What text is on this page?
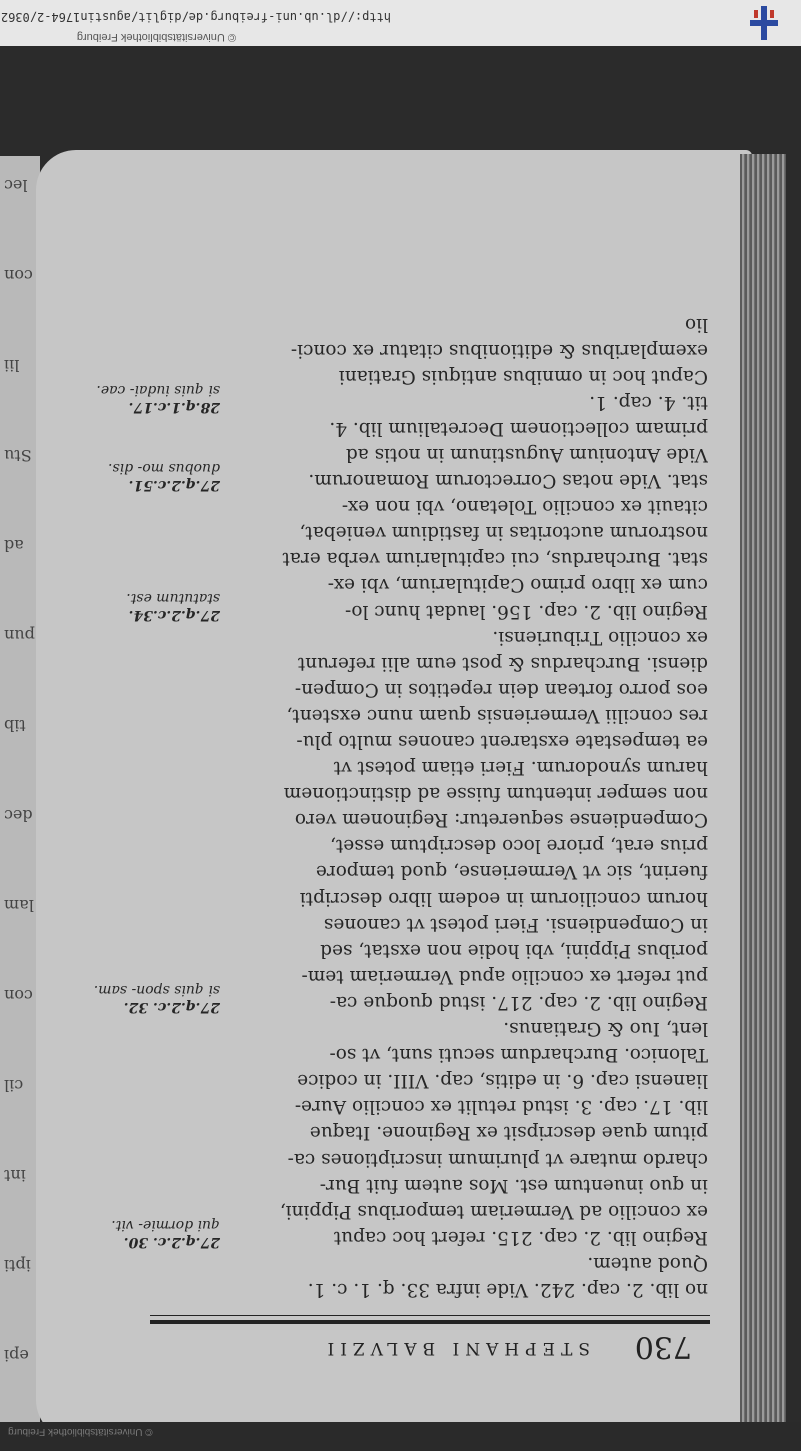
http://dl.ub.uni-freiburg.de/diglit/agustin1764-2/0362
© Universitätsbibliothek Freiburg
lec
con
lii
Stu
ad
pun
tib
dec
lam
con
cil
int
ipti
epi	730
STEPHANI BALVZII
no lib. 2. cap. 242. Vide infra 33. q. 1. c. 1.
Quod autem.
Regino lib. 2. cap. 215. refert hoc caput
ex concilio ad Vermeriam temporibus Pippini,
in quo inuentum est. Mos autem fuit Bur-
chardo mutare vt plurimum inscriptiones ca-
pitum quae descripsit ex Reginone. Itaque
lib. 17. cap. 3. istud retulit ex concilio Aure-
lianensi cap. 6. in editis, cap. VIII. in codice
Talonico. Burchardum secuti sunt, vt so-
lent, Iuo & Gratianus.
Regino lib. 2. cap. 217. istud quoque ca-
put refert ex concilio apud Vermeriam tem-
poribus Pippini, vbi hodie non exstat, sed
in Compendiensi. Fieri potest vt canones
horum conciliorum in eodem libro descripti
fuerint, sic vt Vermeriense, quod tempore
prius erat, priore loco descriptum esset,
Compendiense sequeretur: Reginonem vero
non semper intentum fuisse ad distinctionem
harum synodorum. Fieri etiam potest vt
ea tempestate exstarent canones multo plu-
res concilii Vermeriensis quam nunc exstent,
eos porro fortean dein repetitos in Compen-
diensi. Burchardus & post eum alii referunt
ex concilio Triburiensi.
Regino lib. 2. cap. 156. laudat hunc lo-
cum ex libro primo Capitularium, vbi ex-
stat. Burchardus, cui capitularium verba erat
nostrorum auctoritas in fastidium veniebat,
citauit ex concilio Toletano, vbi non ex-
stat. Vide notas Correctorum Romanorum.
Vide Antonium Augustinum in notis ad
primam collectionem Decretalium lib. 4.
tit. 4. cap. 1.
Caput hoc in omnibus antiquis Gratiani
exemplaribus & editionibus citatur ex conci-
lio
27.q.2.c. 30.
qui dormie- vit.
27.q.2.c. 32.
si quis spon- sam.
27.q.2.c.34.
statutum est.
27.q.2.c.51.
duobus mo- dis.
28.q.1.c.17.
si quis iudai- cae.
© Universitätsbibliothek Freiburg
